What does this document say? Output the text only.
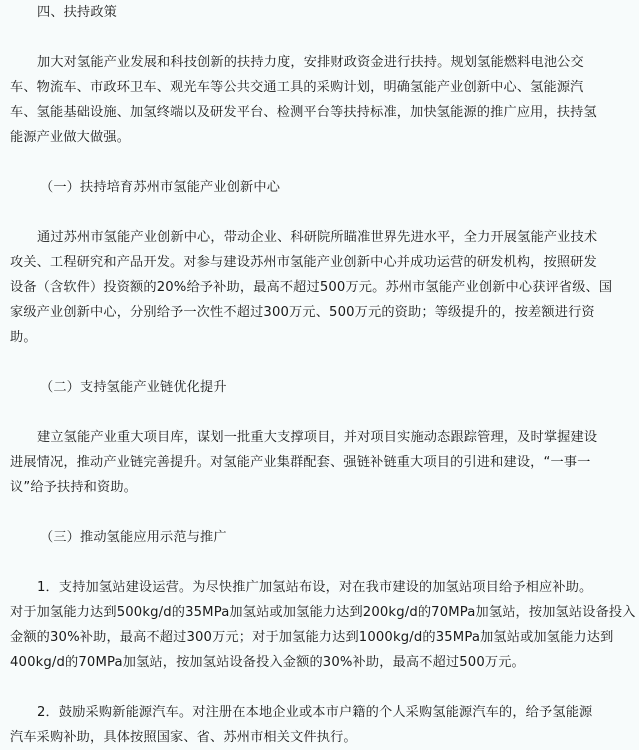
四、扶持政策
加大对氢能产业发展和科技创新的扶持力度，安排财政资金进行扶持。规划氢能燃料电池公交
车、物流车、市政环卫车、观光车等公共交通工具的采购计划，明确氢能产业创新中心、氢能源汽
车、氢能基础设施、加氢终端以及研发平台、检测平台等扶持标准，加快氢能源的推广应用，扶持氢
能源产业做大做强。
（一）扶持培育苏州市氢能产业创新中心
通过苏州市氢能产业创新中心，带动企业、科研院所瞄准世界先进水平，全力开展氢能产业技术
攻关、工程研究和产品开发。对参与建设苏州市氢能产业创新中心并成功运营的研发机构，按照研发
设备（含软件）投资额的20%给予补助，最高不超过500万元。苏州市氢能产业创新中心获评省级、国
家级产业创新中心，分别给予一次性不超过300万元、500万元的资助；等级提升的，按差额进行资
助。
（二）支持氢能产业链优化提升
建立氢能产业重大项目库，谋划一批重大支撑项目，并对项目实施动态跟踪管理，及时掌握建设
进展情况，推动产业链完善提升。对氢能产业集群配套、强链补链重大项目的引进和建设，“一事一
议”给予扶持和资助。
（三）推动氢能应用示范与推广
1．支持加氢站建设运营。为尽快推广加氢站布设，对在我市建设的加氢站项目给予相应补助。
对于加氢能力达到500kg/d的35MPa加氢站或加氢能力达到200kg/d的70MPa加氢站，按加氢站设备投入
金额的30%补助，最高不超过300万元；对于加氢能力达到1000kg/d的35MPa加氢站或加氢能力达到
400kg/d的70MPa加氢站，按加氢站设备投入金额的30%补助，最高不超过500万元。
2．鼓励采购新能源汽车。对注册在本地企业或本市户籍的个人采购氢能源汽车的，给予氢能源
汽车采购补助，具体按照国家、省、苏州市相关文件执行。
